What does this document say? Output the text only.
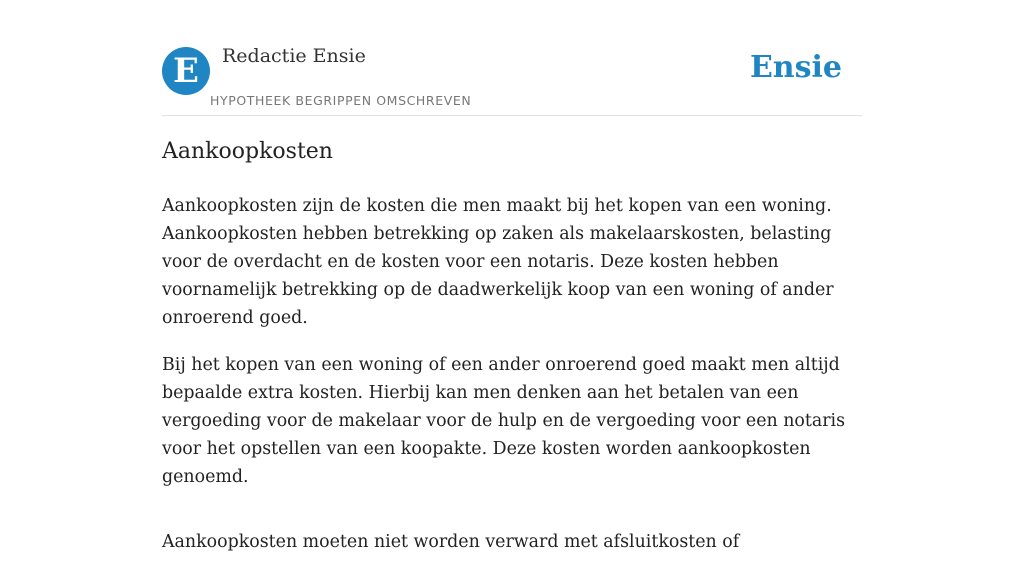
E	Redactie Ensie
HYPOTHEEK BEGRIPPEN OMSCHREVEN
Ensie
Aankoopkosten

Aankoopkosten zijn de kosten die men maakt bij het kopen van een woning. Aankoopkosten hebben betrekking op zaken als makelaarskosten, belasting voor de overdacht en de kosten voor een notaris. Deze kosten hebben voornamelijk betrekking op de daadwerkelijk koop van een woning of ander onroerend goed.

Bij het kopen van een woning of een ander onroerend goed maakt men altijd bepaalde extra kosten. Hierbij kan men denken aan het betalen van een vergoeding voor de makelaar voor de hulp en de vergoeding voor een notaris voor het opstellen van een koopakte. Deze kosten worden aankoopkosten genoemd.

Aankoopkosten moeten niet worden verward met afsluitkosten of
